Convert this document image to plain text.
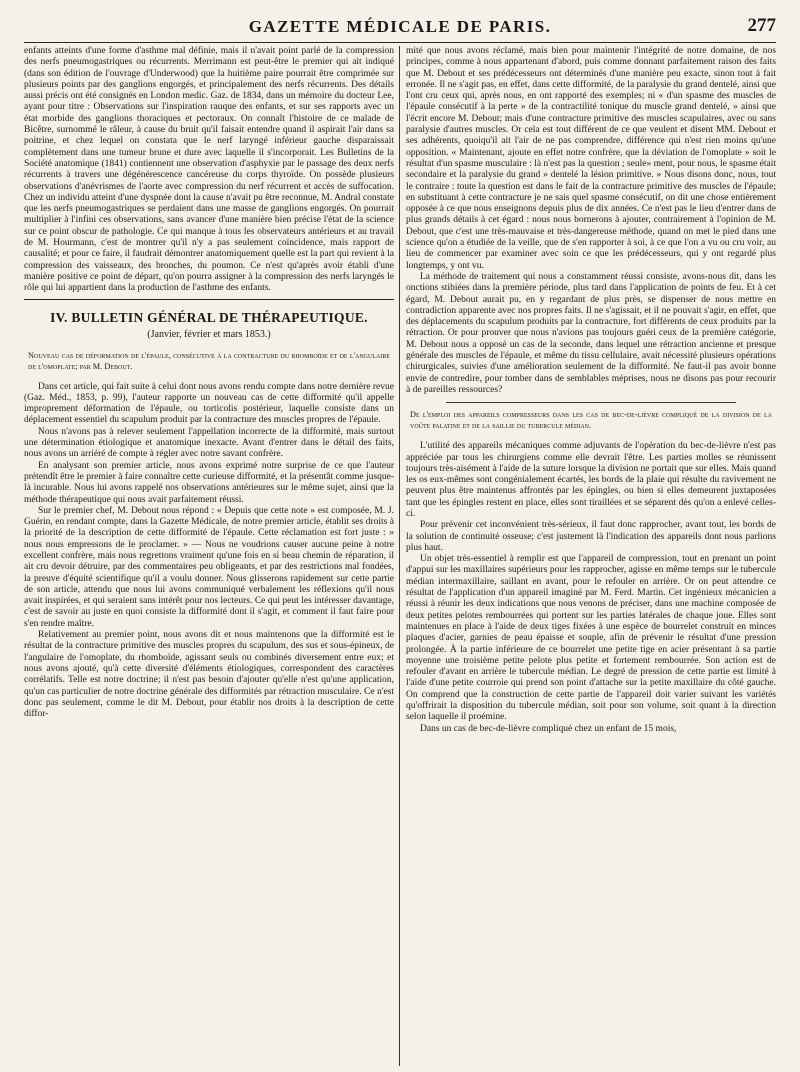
GAZETTE MÉDICALE DE PARIS.	277

enfants atteints d'une forme d'asthme mal définie, mais il n'avait point parlé de la compression des nerfs pneumogastriques ou récurrents. Merrimann est peut-être le premier qui ait indiqué (dans son édition de l'ouvrage d'Underwood) que la huitième paire pourrait être comprimée sur plusieurs points par des ganglions engorgés, et principalement des nerfs récurrents. Des détails aussi précis ont été consignés en London medic. Gaz. de 1834, dans un mémoire du docteur Lee, ayant pour titre : Observations sur l'inspiration rauque des enfants, et sur ses rapports avec un état morbide des ganglions thoraciques et pectoraux. On connaît l'histoire de ce malade de Bicêtre, surnommé le râleur, à cause du bruit qu'il faisait entendre quand il aspirait l'air dans sa poitrine, et chez lequel on constata que le nerf laryngé inférieur gauche disparaissait complètement dans une tumeur brune et dure avec laquelle il s'incorporait. Les Bulletins de la Société anatomique (1841) contiennent une observation d'asphyxie par le passage des deux nerfs récurrents à travers une dégénérescence cancéreuse du corps thyroïde. On possède plusieurs observations d'anévrismes de l'aorte avec compression du nerf récurrent et accès de suffocation. Chez un individu atteint d'une dyspnée dont la cause n'avait pu être reconnue, M. Andral constate que les nerfs pneumogastriques se perdaient dans une masse de ganglions engorgés. On pourrait multiplier à l'infini ces observations, sans avancer d'une manière bien précise l'état de la science sur ce point obscur de pathologie. Ce qui manque à tous les observateurs antérieurs et au travail de M. Hourmann, c'est de montrer qu'il n'y a pas seulement coïncidence, mais rapport de causalité; et pour ce faire, il faudrait démontrer anatomiquement quelle est la part qui revient à la compression des vaisseaux, des bronches, du poumon. Ce n'est qu'après avoir établi d'une manière positive ce point de départ, qu'on pourra assigner à la compression des nerfs laryngés le rôle qui lui appartient dans la production de l'asthme des enfants.

IV. BULLETIN GÉNÉRAL DE THÉRAPEUTIQUE.
(Janvier, février et mars 1853.)
Nouveau cas de déformation de l'épaule, consécutive à la contracture du rhomboïde et de l'angulaire de l'omoplate; par M. Debout.

Dans cet article, qui fait suite à celui dont nous avons rendu compte dans notre dernière revue (Gaz. Méd., 1853, p. 99), l'auteur rapporte un nouveau cas de cette difformité qu'il appelle improprement déformation de l'épaule, ou torticolis postérieur, laquelle consiste dans un déplacement essentiel du scapulum produit par la contracture des muscles propres de l'épaule.

Nous n'avons pas à relever seulement l'appellation incorrecte de la difformité, mais surtout une détermination étiologique et anatomique inexacte. Avant d'entrer dans le détail des faits, nous avons un arriéré de compte à régler avec notre savant confrère.

En analysant son premier article, nous avons exprimé notre surprise de ce que l'auteur prétendît être le premier à faire connaître cette curieuse difformité, et la présentât comme jusque-là incurable. Nous lui avons rappelé nos observations antérieures sur le même sujet, ainsi que la méthode thérapeutique qui nous avait parfaitement réussi.

Sur le premier chef, M. Debout nous répond : « Depuis que cette note » est composée, M. J. Guérin, en rendant compte, dans la Gazette Médicale, de notre premier article, établit ses droits à la priorité de la description de cette difformité de l'épaule. Cette réclamation est fort juste : » nous nous empressons de le proclamer. » — Nous ne voudrions causer aucune peine à notre excellent confrère, mais nous regrettons vraiment qu'une fois en si beau chemin de réparation, il ait cru devoir détruire, par des commentaires peu obligeants, et par des restrictions mal fondées, la preuve d'équité scientifique qu'il a voulu donner. Nous glisserons rapidement sur cette partie de son article, attendu que nous lui avons communiqué verbalement les réflexions qu'il nous avait inspirées, et qui seraient sans intérêt pour nos lecteurs. Ce qui peut les intéresser davantage, c'est de savoir au juste en quoi consiste la difformité dont il s'agit, et comment il faut faire pour s'en rendre maître.

Relativement au premier point, nous avons dit et nous maintenons que la difformité est le résultat de la contracture primitive des muscles propres du scapulum, des sus et sous-épineux, de l'angulaire de l'omoplate, du rhomboïde, agissant seuls ou combinés diversement entre eux; et nous avons ajouté, qu'à cette diversité d'éléments étiologiques, correspondent des caractères corrélatifs. Telle est notre doctrine; il n'est pas besoin d'ajouter qu'elle n'est qu'une application, qu'un cas particulier de notre doctrine générale des difformités par rétraction musculaire. Ce n'est donc pas seulement, comme le dit M. Debout, pour établir nos droits à la description de cette diffor-

mité que nous avons réclamé, mais bien pour maintenir l'intégrité de notre domaine, de nos principes, comme à nous appartenant d'abord, puis comme donnant parfaitement raison des faits que M. Debout et ses prédécesseurs ont déterminés d'une manière peu exacte, sinon tout à fait erronée. Il ne s'agit pas, en effet, dans cette difformité, de la paralysie du grand dentelé, ainsi que l'ont cru ceux qui, après nous, en ont rapporté des exemples; ni « d'un spasme des muscles de l'épaule consécutif à la perte » de la contractilité tonique du muscle grand dentelé, » ainsi que l'écrit encore M. Debout; mais d'une contracture primitive des muscles scapulaires, avec ou sans paralysie d'autres muscles. Or cela est tout différent de ce que veulent et disent MM. Debout et ses adhérents, quoiqu'il ait l'air de ne pas comprendre, différence qui n'est rien moins qu'une opposition. « Maintenant, ajoute en effet notre confrère, que la déviation de l'omoplate » soit le résultat d'un spasme musculaire : là n'est pas la question ; seule» ment, pour nous, le spasme était secondaire et la paralysie du grand » dentelé la lésion primitive. » Nous disons donc, nous, tout le contraire : toute la question est dans le fait de la contracture primitive des muscles de l'épaule; en substituant à cette contracture je ne sais quel spasme consécutif, on dit une chose entièrement opposée à ce que nous enseignons depuis plus de dix années. Ce n'est pas le lieu d'entrer dans de plus grands détails à cet égard : nous nous bornerons à ajouter, contrairement à l'opinion de M. Debout, que c'est une très-mauvaise et très-dangereuse méthode, quand on met le pied dans une science qu'on a étudiée de la veille, que de s'en rapporter à soi, à ce que l'on a vu ou cru voir, au lieu de commencer par examiner avec soin ce que les prédécesseurs, qui y ont regardé plus longtemps, y ont vu.

La méthode de traitement qui nous a constamment réussi consiste, avons-nous dit, dans les onctions stibiées dans la première période, plus tard dans l'application de points de feu. Et à cet égard, M. Debout aurait pu, en y regardant de plus près, se dispenser de nous mettre en contradiction apparente avec nos propres faits. Il ne s'agissait, et il ne pouvait s'agir, en effet, que des déplacements du scapulum produits par la contracture, fort différents de ceux produits par la rétraction. Or pour prouver que nous n'avions pas toujours guéri ceux de la première catégorie, M. Debout nous a opposé un cas de la seconde, dans lequel une rétraction ancienne et presque générale des muscles de l'épaule, et même du tissu cellulaire, avait nécessité plusieurs opérations chirurgicales, suivies d'une amélioration seulement de la difformité. Ne faut-il pas avoir bonne envie de contredire, pour tomber dans de semblables méprises, nous ne disons pas pour recourir à de pareilles ressources?

De l'emploi des appareils compresseurs dans les cas de bec-de-lièvre compliqué de la division de la voûte palatine et de la saillie du tubercule médian.

L'utilité des appareils mécaniques comme adjuvants de l'opération du bec-de-lièvre n'est pas appréciée par tous les chirurgiens comme elle devrait l'être. Les parties molles se réunissent toujours très-aisément à l'aide de la suture lorsque la division ne portait que sur elles. Mais quand les os eux-mêmes sont congénialement écartés, les bords de la plaie qui résulte du ravivement ne peuvent plus être maintenus affrontés par les épingles, ou bien si elles demeurent juxtaposées tant que les épingles restent en place, elles sont tiraillées et se séparent dès qu'on a enlevé celles-ci.

Pour prévenir cet inconvénient très-sérieux, il faut donc rapprocher, avant tout, les bords de la solution de continuité osseuse; c'est justement là l'indication des appareils dont nous parlions plus haut.

Un objet très-essentiel à remplir est que l'appareil de compression, tout en prenant un point d'appui sur les maxillaires supérieurs pour les rapprocher, agisse en même temps sur le tubercule médian intermaxillaire, saillant en avant, pour le refouler en arrière. Or on peut attendre ce résultat de l'application d'un appareil imaginé par M. Ferd. Martin. Cet ingénieux mécanicien a réussi à réunir les deux indications que nous venons de préciser, dans une machine composée de deux petites pelotes rembourrées qui portent sur les parties latérales de chaque joue. Elles sont maintenues en place à l'aide de deux tiges fixées à une espèce de bourrelet construit en minces plaques d'acier, garnies de peau épaisse et souple, afin de prévenir le résultat d'une pression prolongée. À la partie inférieure de ce bourrelet une petite tige en acier présentant à sa partie moyenne une troisième petite pelote plus petite et fortement rembourrée. Son action est de refouler d'avant en arrière le tubercule médian. Le degré de pression de cette partie est limité à l'aide d'une petite courroie qui prend son point d'attache sur la petite maxillaire du côté gauche. On comprend que la construction de cette partie de l'appareil doit varier suivant les variétés qu'offrirait la disposition du tubercule médian, soit pour son volume, soit quant à la direction selon laquelle il proémine.

Dans un cas de bec-de-lièvre compliqué chez un enfant de 15 mois,
